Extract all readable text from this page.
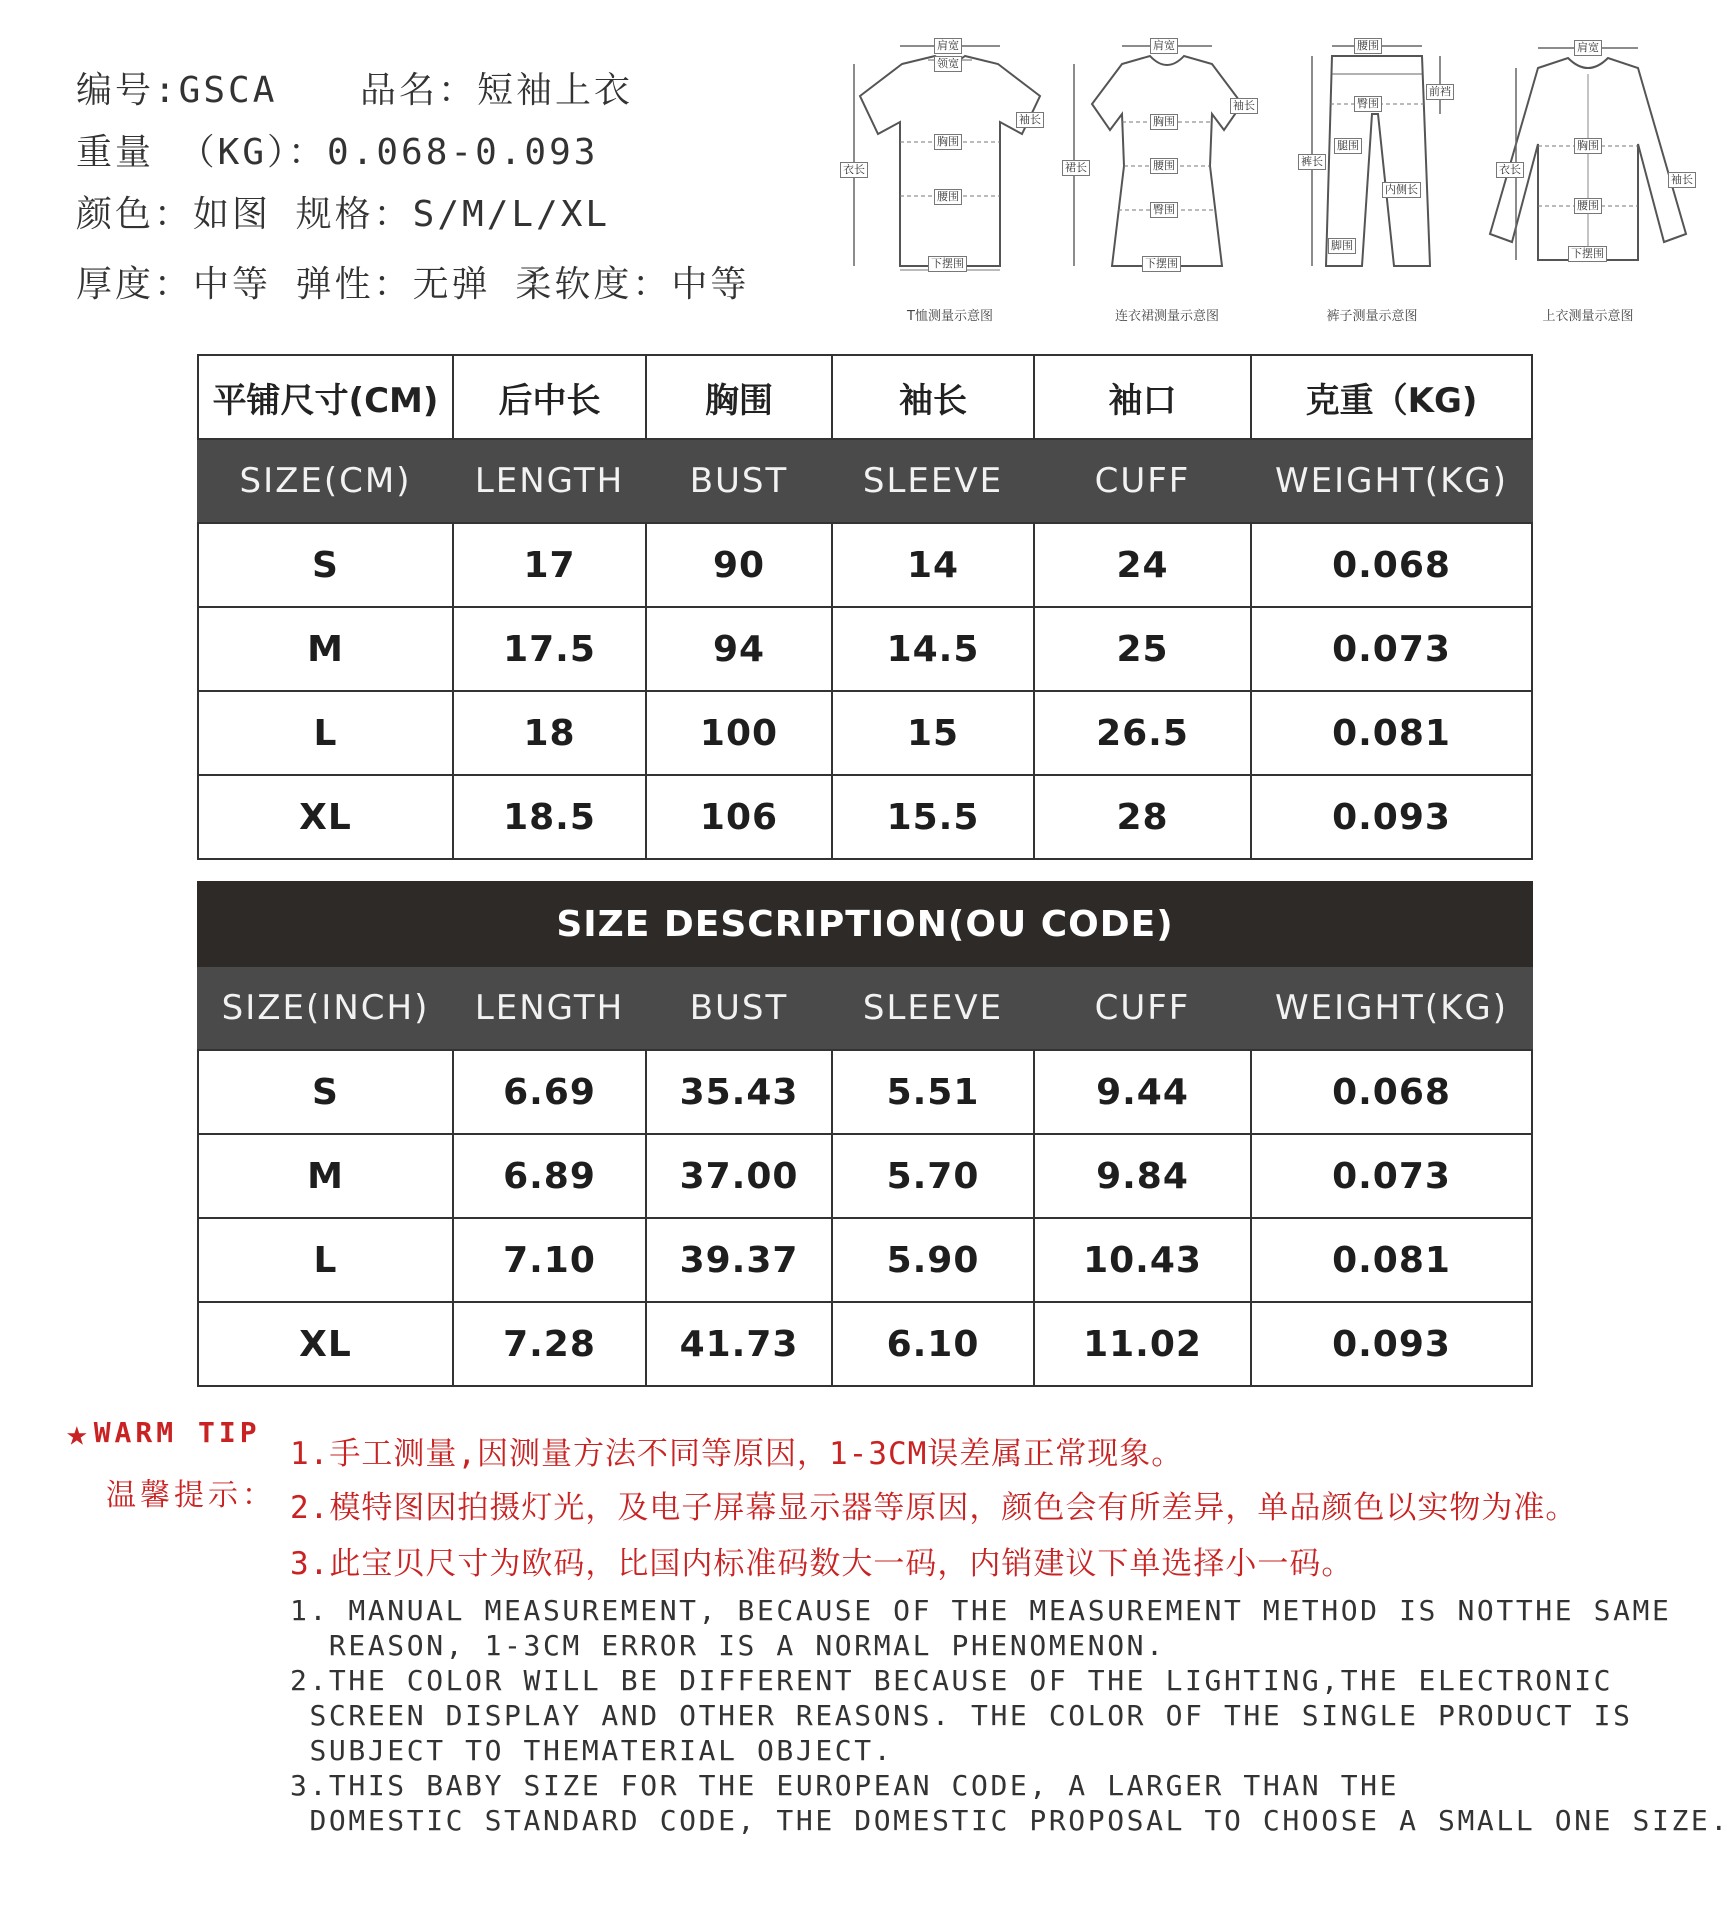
编号:GSCA 品名：短袖上衣
重量 （KG）：0.068-0.093
颜色：如图 规格：S/M/L/XL
厚度：中等 弹性：无弹 柔软度：中等
肩宽
领宽
袖长
衣长
胸围
腰围
下摆围
T恤测量示意图
肩宽
袖长
裙长
胸围
腰围
臀围
下摆围
连衣裙测量示意图
腰围
前裆
臀围
裤长
腿围
内侧长
脚围
裤子测量示意图
肩宽
衣长
胸围
袖长
腰围
下摆围
上衣测量示意图
平铺尺寸(CM)	后中长	胸围	袖长	袖口	克重（KG)
SIZE(CM)	LENGTH	BUST	SLEEVE	CUFF	WEIGHT(KG)
S	17	90	14	24	0.068
M	17.5	94	14.5	25	0.073
L	18	100	15	26.5	0.081
XL	18.5	106	15.5	28	0.093
SIZE DESCRIPTION(OU CODE)					
SIZE(INCH)	LENGTH	BUST	SLEEVE	CUFF	WEIGHT(KG)
S	6.69	35.43	5.51	9.44	0.068
M	6.89	37.00	5.70	9.84	0.073
L	7.10	39.37	5.90	10.43	0.081
XL	7.28	41.73	6.10	11.02	0.093
★WARM TIP
温馨提示：
1.手工测量,因测量方法不同等原因，1-3CM误差属正常现象。
2.模特图因拍摄灯光，及电子屏幕显示器等原因，颜色会有所差异，单品颜色以实物为准。
3.此宝贝尺寸为欧码，比国内标准码数大一码，内销建议下单选择小一码。
1. MANUAL MEASUREMENT, BECAUSE OF THE MEASUREMENT METHOD IS NOTTHE SAME
REASON, 1-3CM ERROR IS A NORMAL PHENOMENON.
2.THE COLOR WILL BE DIFFERENT BECAUSE OF THE LIGHTING,THE ELECTRONIC
SCREEN DISPLAY AND OTHER REASONS. THE COLOR OF THE SINGLE PRODUCT IS
SUBJECT TO THEMATERIAL OBJECT.
3.THIS BABY SIZE FOR THE EUROPEAN CODE, A LARGER THAN THE
DOMESTIC STANDARD CODE, THE DOMESTIC PROPOSAL TO CHOOSE A SMALL ONE SIZE.
